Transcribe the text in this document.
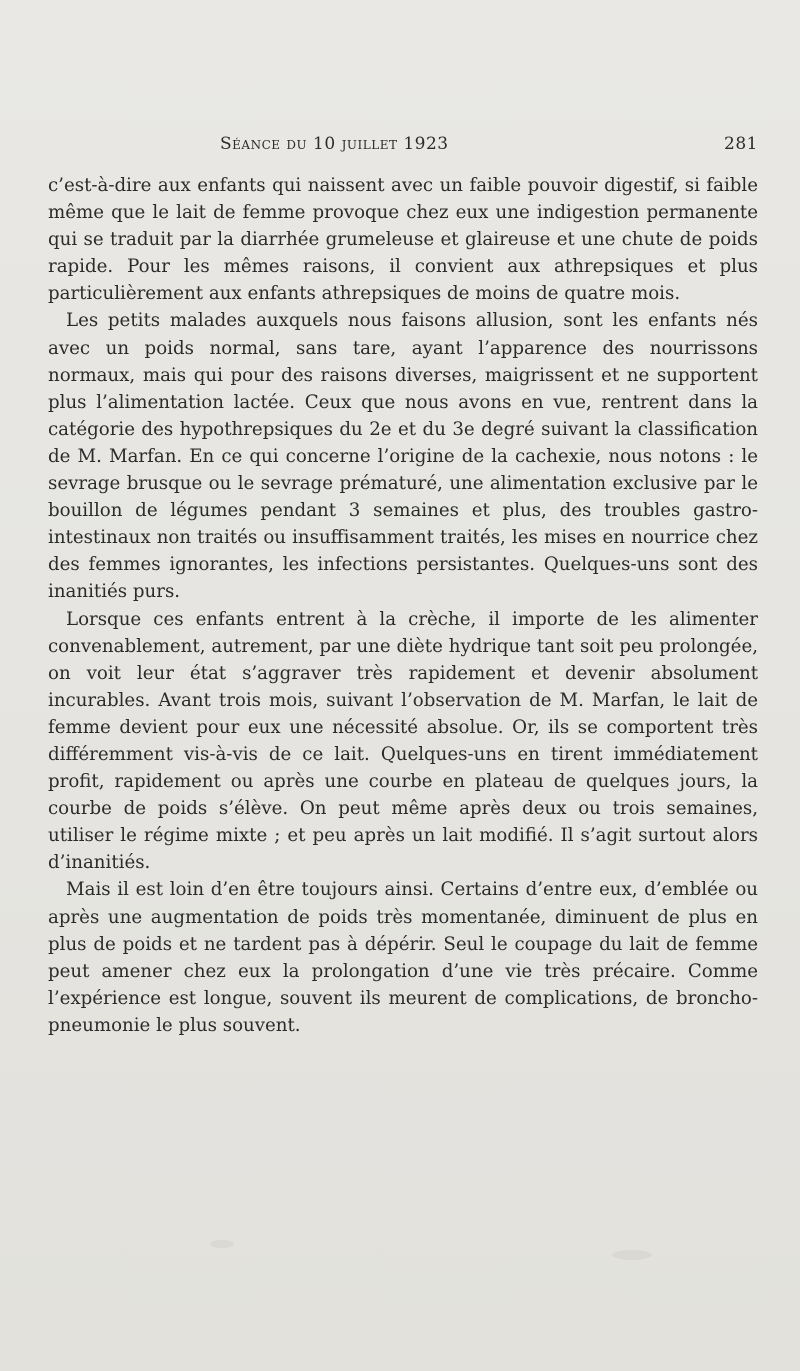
Séance du 10 juillet 1923	281

c’est-à-dire aux enfants qui naissent avec un faible pouvoir digestif, si faible même que le lait de femme provoque chez eux une indigestion permanente qui se traduit par la diarrhée grumeleuse et glaireuse et une chute de poids rapide. Pour les mêmes raisons, il convient aux athrepsiques et plus particulièrement aux enfants athrepsiques de moins de quatre mois.

Les petits malades auxquels nous faisons allusion, sont les enfants nés avec un poids normal, sans tare, ayant l’apparence des nourrissons normaux, mais qui pour des raisons diverses, maigrissent et ne supportent plus l’alimentation lactée. Ceux que nous avons en vue, rentrent dans la catégorie des hypothrepsiques du 2e et du 3e degré suivant la classification de M. Marfan. En ce qui concerne l’origine de la cachexie, nous notons : le sevrage brusque ou le sevrage prématuré, une alimentation exclusive par le bouillon de légumes pendant 3 semaines et plus, des troubles gastro-intestinaux non traités ou insuffisamment traités, les mises en nourrice chez des femmes ignorantes, les infections persistantes. Quelques-uns sont des inanitiés purs.

Lorsque ces enfants entrent à la crèche, il importe de les alimenter convenablement, autrement, par une diète hydrique tant soit peu prolongée, on voit leur état s’aggraver très rapidement et devenir absolument incurables. Avant trois mois, suivant l’observation de M. Marfan, le lait de femme devient pour eux une nécessité absolue. Or, ils se comportent très différemment vis-à-vis de ce lait. Quelques-uns en tirent immédiatement profit, rapidement ou après une courbe en plateau de quelques jours, la courbe de poids s’élève. On peut même après deux ou trois semaines, utiliser le régime mixte ; et peu après un lait modifié. Il s’agit surtout alors d’inanitiés.

Mais il est loin d’en être toujours ainsi. Certains d’entre eux, d’emblée ou après une augmentation de poids très momentanée, diminuent de plus en plus de poids et ne tardent pas à dépérir. Seul le coupage du lait de femme peut amener chez eux la prolongation d’une vie très précaire. Comme l’expérience est longue, souvent ils meurent de complications, de broncho-pneumonie le plus souvent.
